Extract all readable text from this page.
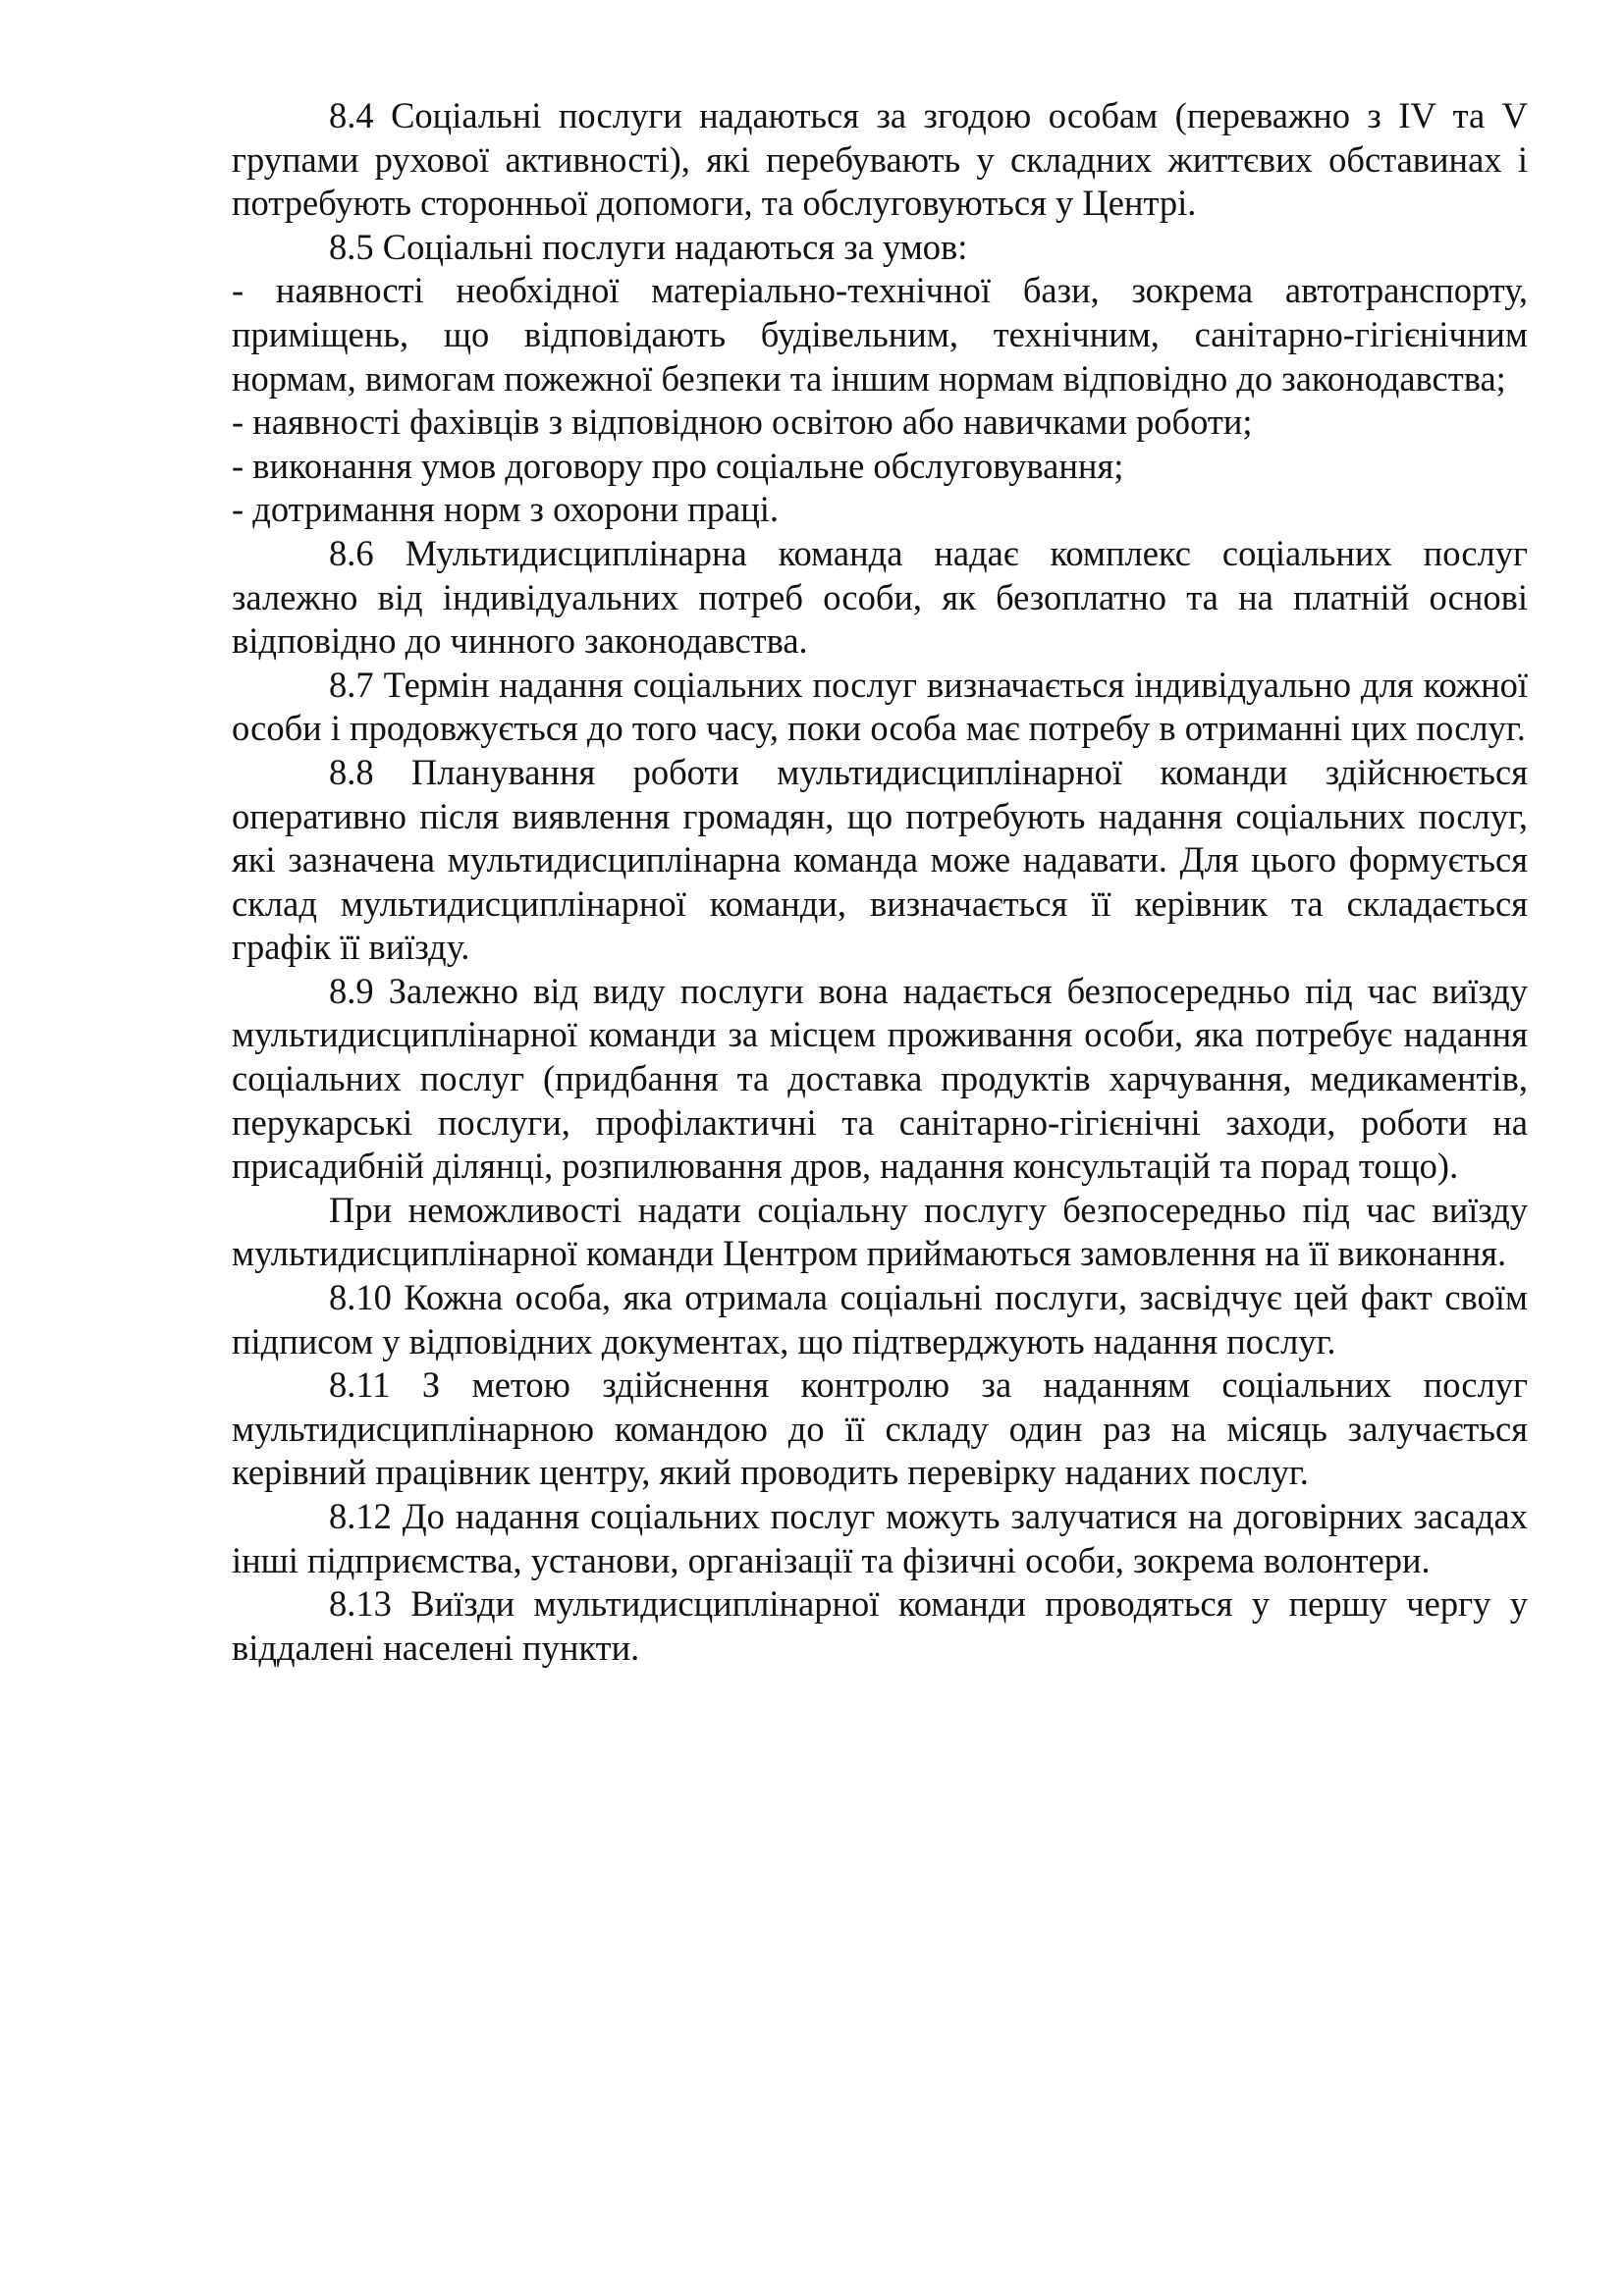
8.4 Соціальні послуги надаються за згодою особам (переважно з IV та V групами рухової активності), які перебувають у складних життєвих обставинах і потребують сторонньої допомоги, та обслуговуються у Центрі.

8.5 Соціальні послуги надаються за умов:

- наявності необхідної матеріально-технічної бази, зокрема автотранспорту, приміщень, що відповідають будівельним, технічним, санітарно-гігієнічним нормам, вимогам пожежної безпеки та іншим нормам відповідно до законодавства;

- наявності фахівців з відповідною освітою або навичками роботи;

- виконання умов договору про соціальне обслуговування;

- дотримання норм з охорони праці.

8.6 Мультидисциплінарна команда надає комплекс соціальних послуг залежно від індивідуальних потреб особи, як безоплатно та на платній основі відповідно до чинного законодавства.

8.7 Термін надання соціальних послуг визначається індивідуально для кожної особи і продовжується до того часу, поки особа має потребу в отриманні цих послуг.

8.8 Планування роботи мультидисциплінарної команди здійснюється оперативно після виявлення громадян, що потребують надання соціальних послуг, які зазначена мультидисциплінарна команда може надавати. Для цього формується склад мультидисциплінарної команди, визначається її керівник та складається графік її виїзду.

8.9 Залежно від виду послуги вона надається безпосередньо під час виїзду мультидисциплінарної команди за місцем проживання особи, яка потребує надання соціальних послуг (придбання та доставка продуктів харчування, медикаментів, перукарські послуги, профілактичні та санітарно-гігієнічні заходи, роботи на присадибній ділянці, розпилювання дров, надання консультацій та порад тощо).

При неможливості надати соціальну послугу безпосередньо під час виїзду мультидисциплінарної команди Центром приймаються замовлення на її виконання.

8.10 Кожна особа, яка отримала соціальні послуги, засвідчує цей факт своїм підписом у відповідних документах, що підтверджують надання послуг.

8.11 З метою здійснення контролю за наданням соціальних послуг мультидисциплінарною командою до її складу один раз на місяць залучається керівний працівник центру, який проводить перевірку наданих послуг.

8.12 До надання соціальних послуг можуть залучатися на договірних засадах інші підприємства, установи, організації та фізичні особи, зокрема волонтери.

8.13 Виїзди мультидисциплінарної команди проводяться у першу чергу у віддалені населені пункти.
